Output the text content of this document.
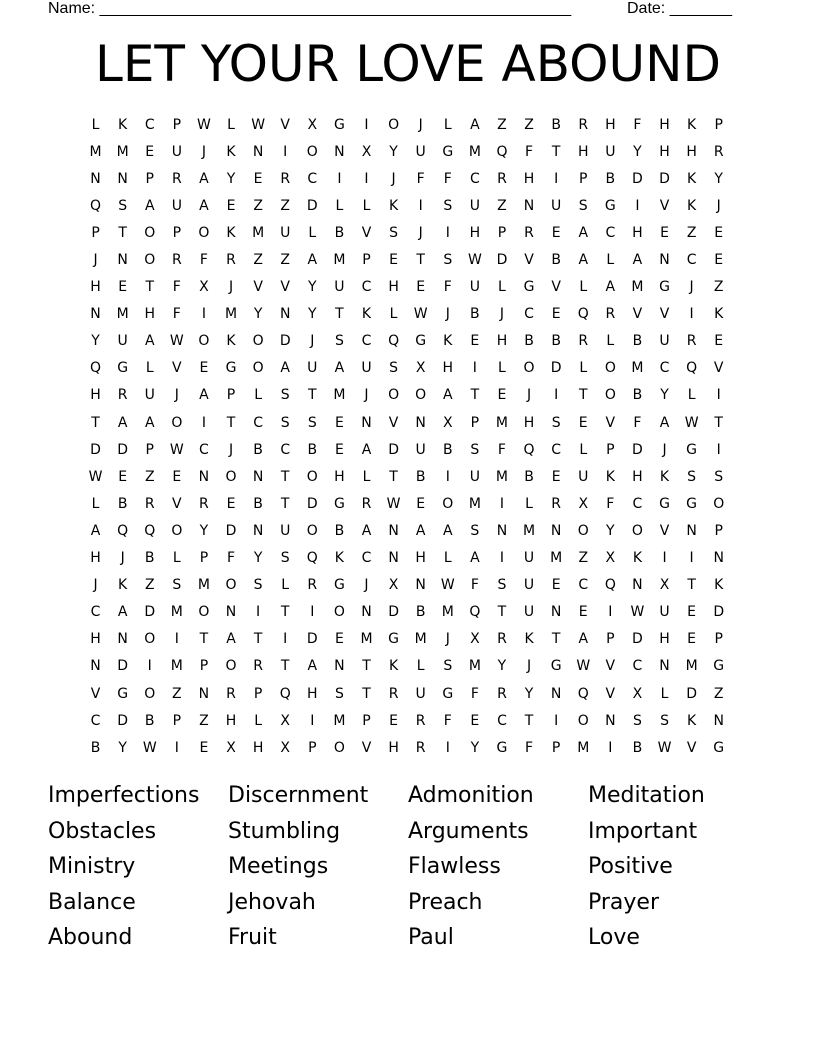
Name: _____________________________________________________	Date: _______
LET YOUR LOVE ABOUND
L	K	C	P	W	L	W	V	X	G	I	O	J	L	A	Z	Z	B	R	H	F	H	K	P
M	M	E	U	J	K	N	I	O	N	X	Y	U	G	M	Q	F	T	H	U	Y	H	H	R
N	N	P	R	A	Y	E	R	C	I	I	J	F	F	C	R	H	I	P	B	D	D	K	Y
Q	S	A	U	A	E	Z	Z	D	L	L	K	I	S	U	Z	N	U	S	G	I	V	K	J
P	T	O	P	O	K	M	U	L	B	V	S	J	I	H	P	R	E	A	C	H	E	Z	E
J	N	O	R	F	R	Z	Z	A	M	P	E	T	S	W	D	V	B	A	L	A	N	C	E
H	E	T	F	X	J	V	V	Y	U	C	H	E	F	U	L	G	V	L	A	M	G	J	Z
N	M	H	F	I	M	Y	N	Y	T	K	L	W	J	B	J	C	E	Q	R	V	V	I	K
Y	U	A	W	O	K	O	D	J	S	C	Q	G	K	E	H	B	B	R	L	B	U	R	E
Q	G	L	V	E	G	O	A	U	A	U	S	X	H	I	L	O	D	L	O	M	C	Q	V
H	R	U	J	A	P	L	S	T	M	J	O	O	A	T	E	J	I	T	O	B	Y	L	I
T	A	A	O	I	T	C	S	S	E	N	V	N	X	P	M	H	S	E	V	F	A	W	T
D	D	P	W	C	J	B	C	B	E	A	D	U	B	S	F	Q	C	L	P	D	J	G	I
W	E	Z	E	N	O	N	T	O	H	L	T	B	I	U	M	B	E	U	K	H	K	S	S
L	B	R	V	R	E	B	T	D	G	R	W	E	O	M	I	L	R	X	F	C	G	G	O
A	Q	Q	O	Y	D	N	U	O	B	A	N	A	A	S	N	M	N	O	Y	O	V	N	P
H	J	B	L	P	F	Y	S	Q	K	C	N	H	L	A	I	U	M	Z	X	K	I	I	N
J	K	Z	S	M	O	S	L	R	G	J	X	N	W	F	S	U	E	C	Q	N	X	T	K
C	A	D	M	O	N	I	T	I	O	N	D	B	M	Q	T	U	N	E	I	W	U	E	D
H	N	O	I	T	A	T	I	D	E	M	G	M	J	X	R	K	T	A	P	D	H	E	P
N	D	I	M	P	O	R	T	A	N	T	K	L	S	M	Y	J	G	W	V	C	N	M	G
V	G	O	Z	N	R	P	Q	H	S	T	R	U	G	F	R	Y	N	Q	V	X	L	D	Z
C	D	B	P	Z	H	L	X	I	M	P	E	R	F	E	C	T	I	O	N	S	S	K	N
B	Y	W	I	E	X	H	X	P	O	V	H	R	I	Y	G	F	P	M	I	B	W	V	G
Imperfections	Discernment	Admonition	Meditation
Obstacles	Stumbling	Arguments	Important
Ministry	Meetings	Flawless	Positive
Balance	Jehovah	Preach	Prayer
Abound	Fruit	Paul	Love
